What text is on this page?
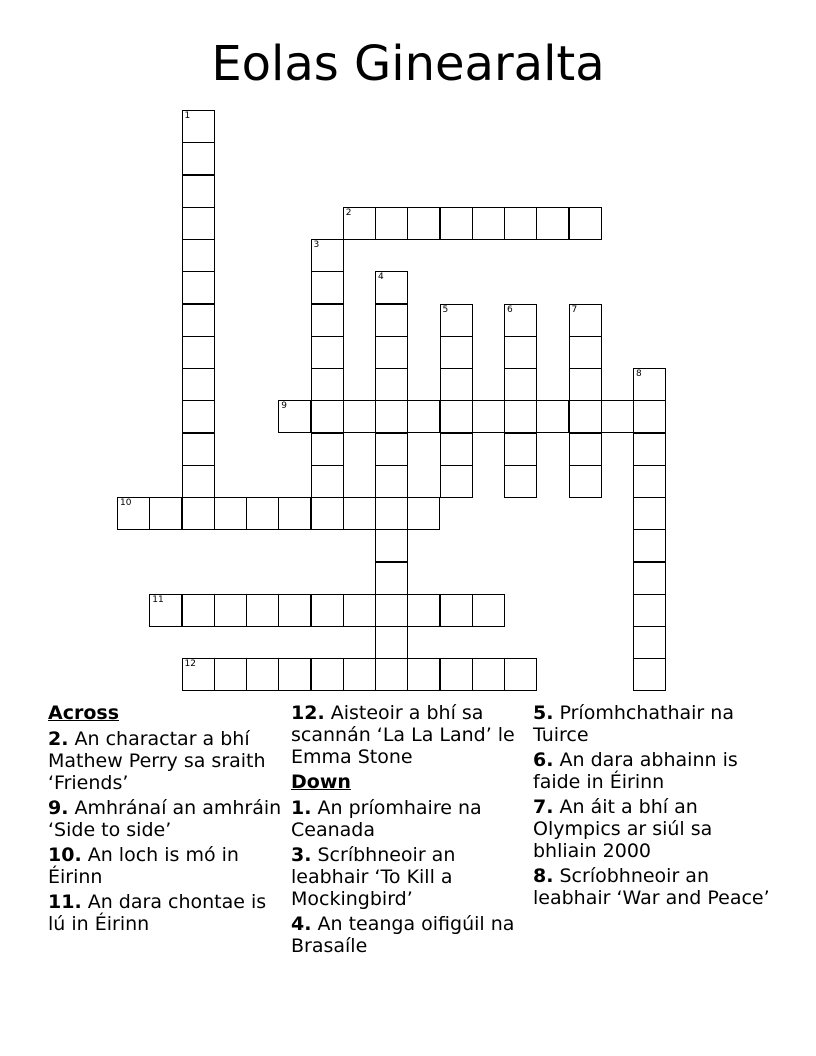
Eolas Ginearalta
1
2
3
4
5	6	7
8
9
10
11
12
Across
2. An charactar a bhí Mathew Perry sa sraith ‘Friends’
9. Amhránaí an amhráin ‘Side to side’
10. An loch is mó in Éirinn
11. An dara chontae is lú in Éirinn
12. Aisteoir a bhí sa scannán ‘La La Land’ le Emma Stone
Down
1. An príomhaire na Ceanada
3. Scríbhneoir an leabhair ‘To Kill a Mockingbird’
4. An teanga oifigúil na Brasaíle
5. Príomhchathair na Tuirce
6. An dara abhainn is faide in Éirinn
7. An áit a bhí an Olympics ar siúl sa bhliain 2000
8. Scríobhneoir an leabhair ‘War and Peace’
